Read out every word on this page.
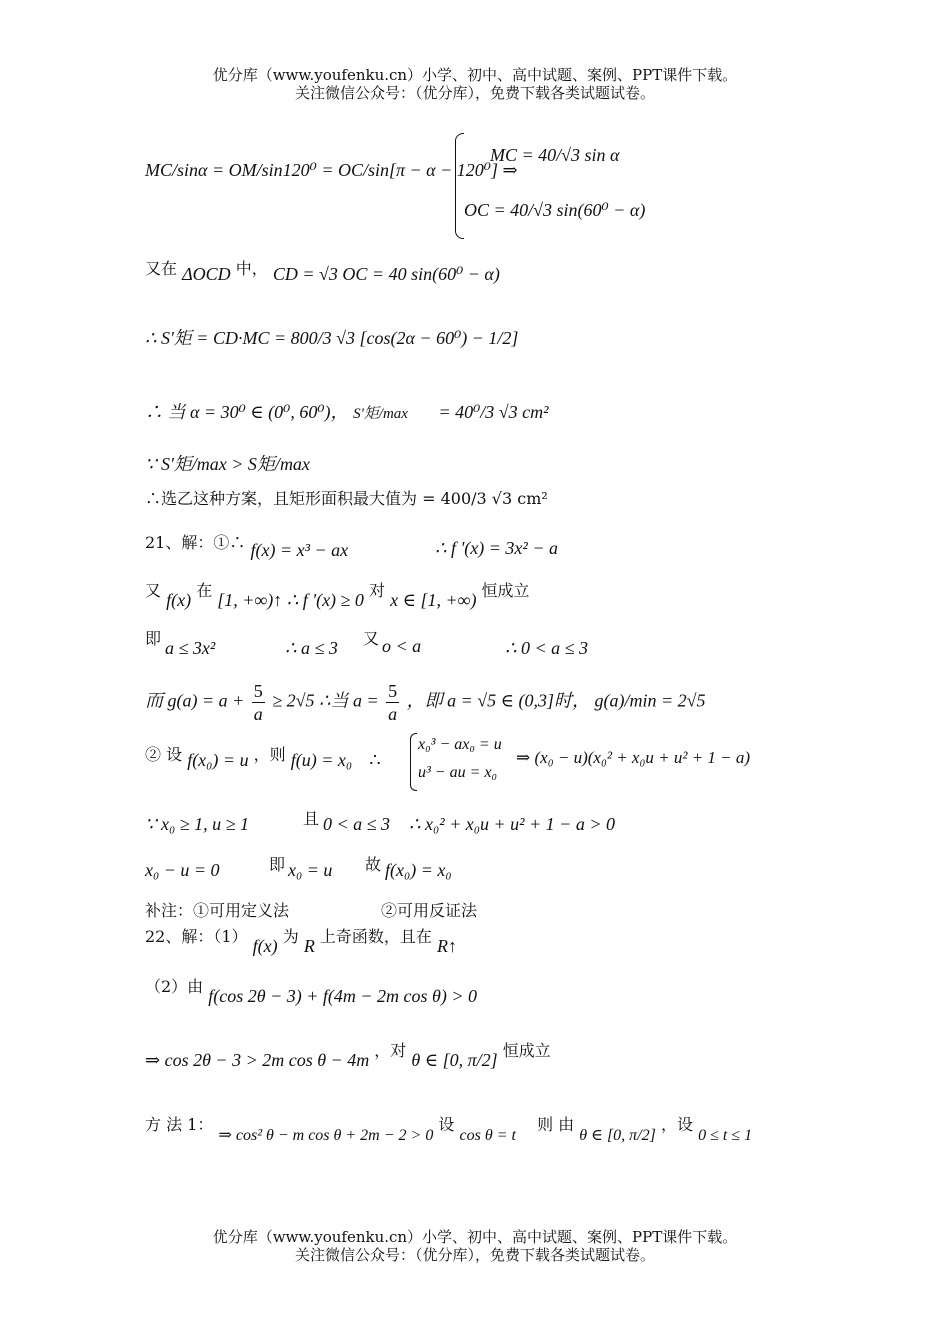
优分库（www.youfenku.cn）小学、初中、高中试题、案例、PPT课件下载。
关注微信公众号：（优分库），免费下载各类试题试卷。
MC/sinα = OM/sin120⁰ = OC/sin[π − α − 120⁰] ⇒
MC = 40/√3 sin α
OC = 40/√3 sin(60⁰ − α)
又在 ΔOCD 中， CD = √3 OC = 40 sin(60⁰ − α)
∴ S'矩 = CD·MC = 800/3 √3 [cos(2α − 60⁰) − 1/2]
∴ 当 α = 30⁰ ∈ (0⁰, 60⁰)， S'矩/max = 40⁰/3 √3 cm²
∵ S'矩/max > S矩/max
∴选乙这种方案，且矩形面积最大值为 = 400/3 √3 cm²
21、解：①∴ f(x) = x³ − ax	∴ f '(x) = 3x² − a
又 f(x) 在 [1, +∞)↑ ∴ f '(x) ≥ 0 对 x ∈ [1, +∞) 恒成立
即 a ≤ 3x²	∴ a ≤ 3 又 o < a	∴ 0 < a ≤ 3
而 $g(a) = a + \frac{5}{a} \ge 2√5$ ∴当 $a = \frac{5}{a}$ ，即 a = √5 ∈ (0,3]时， g(a)/min = 2√5
② 设 f(x₀) = u ，则 f(u) = x₀ ∴
x₀³ − ax₀ = u
u³ − au = x₀
⇒ (x₀ − u)(x₀² + x₀u + u² + 1 − a)
∵ x₀ ≥ 1, u ≥ 1	且 0 < a ≤ 3 ∴ x₀² + x₀u + u² + 1 − a > 0
x₀ − u = 0	即 x₀ = u 故 f(x₀) = x₀
补注：①可用定义法	②可用反证法
22、解：（1） f(x) 为 R 上奇函数，且在 R↑
（2）由 f(cos 2θ − 3) + f(4m − 2m cos θ) > 0
⇒ cos 2θ − 3 > 2m cos θ − 4m ，对 θ ∈ [0, π/2] 恒成立
方 法 1： ⇒ cos² θ − m cos θ + 2m − 2 > 0 设 cos θ = t 则 由 θ ∈ [0, π/2] ，设 0 ≤ t ≤ 1
优分库（www.youfenku.cn）小学、初中、高中试题、案例、PPT课件下载。
关注微信公众号：（优分库），免费下载各类试题试卷。
